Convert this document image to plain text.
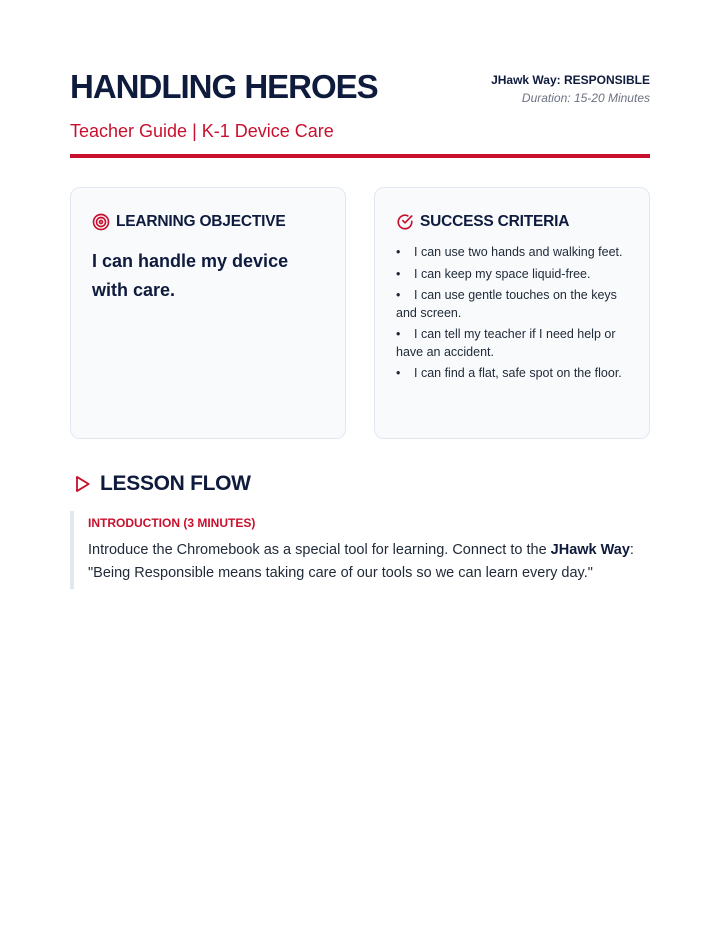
HANDLING HEROES
Teacher Guide | K-1 Device Care
JHawk Way: RESPONSIBLE
Duration: 15-20 Minutes
LEARNING OBJECTIVE

I can handle my device with care.

SUCCESS CRITERIA
• I can use two hands and walking feet.
• I can keep my space liquid-free.
• I can use gentle touches on the keys and screen.
• I can tell my teacher if I need help or have an accident.
• I can find a flat, safe spot on the floor.
LESSON FLOW
INTRODUCTION (3 MINUTES)

Introduce the Chromebook as a special tool for learning. Connect to the JHawk Way: "Being Responsible means taking care of our tools so we can learn every day."
